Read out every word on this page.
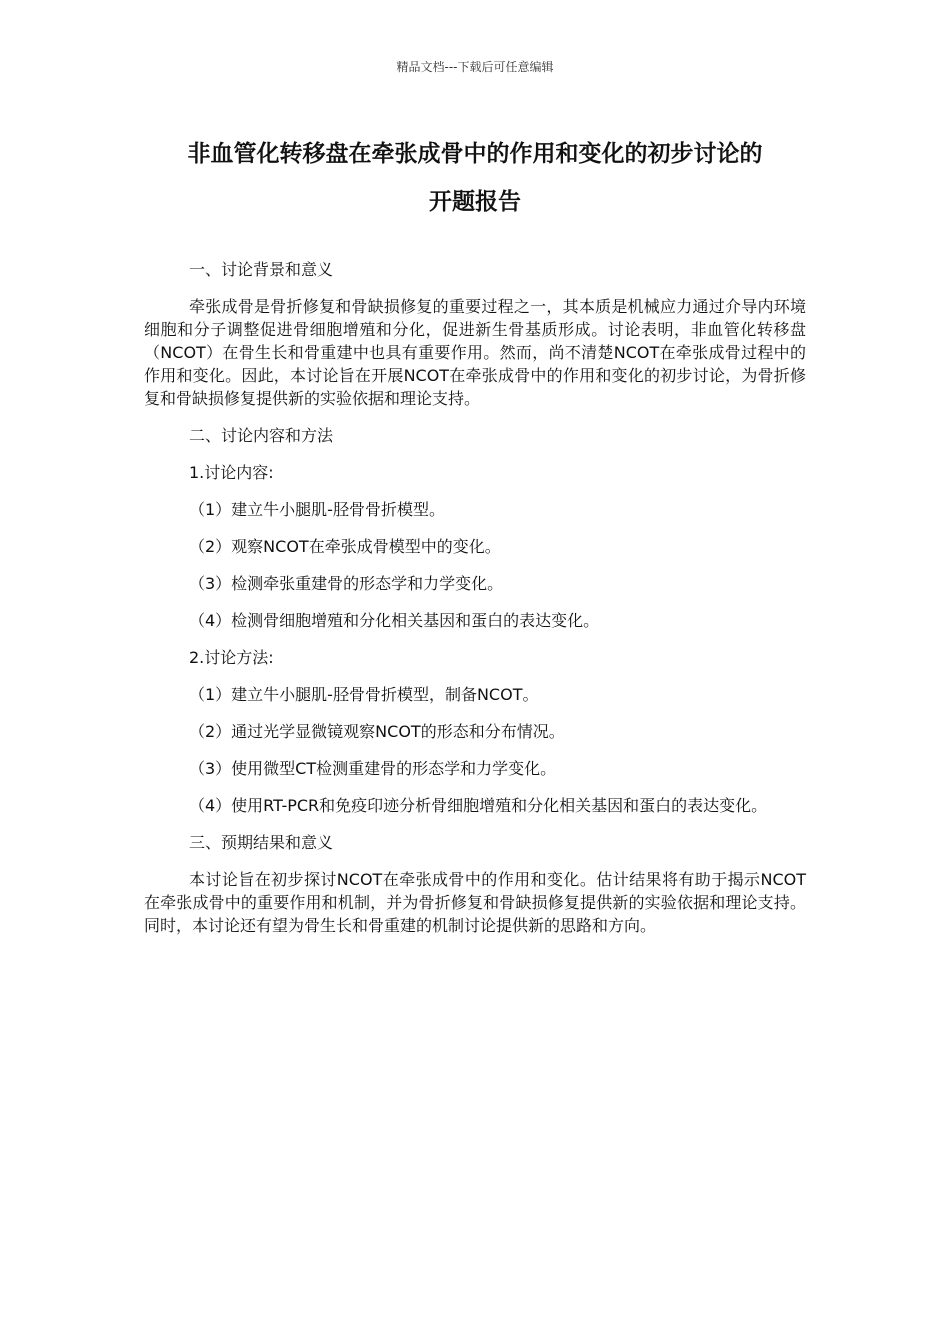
精品文档---下载后可任意编辑
非血管化转移盘在牵张成骨中的作用和变化的初步讨论的
开题报告

一、讨论背景和意义

牵张成骨是骨折修复和骨缺损修复的重要过程之一，其本质是机械应力通过介导内环境细胞和分子调整促进骨细胞增殖和分化，促进新生骨基质形成。讨论表明，非血管化转移盘（NCOT）在骨生长和骨重建中也具有重要作用。然而，尚不清楚NCOT在牵张成骨过程中的作用和变化。因此，本讨论旨在开展NCOT在牵张成骨中的作用和变化的初步讨论，为骨折修复和骨缺损修复提供新的实验依据和理论支持。

二、讨论内容和方法

1.讨论内容:

（1）建立牛小腿肌-胫骨骨折模型。

（2）观察NCOT在牵张成骨模型中的变化。

（3）检测牵张重建骨的形态学和力学变化。

（4）检测骨细胞增殖和分化相关基因和蛋白的表达变化。

2.讨论方法:

（1）建立牛小腿肌-胫骨骨折模型，制备NCOT。

（2）通过光学显微镜观察NCOT的形态和分布情况。

（3）使用微型CT检测重建骨的形态学和力学变化。

（4）使用RT-PCR和免疫印迹分析骨细胞增殖和分化相关基因和蛋白的表达变化。

三、预期结果和意义

本讨论旨在初步探讨NCOT在牵张成骨中的作用和变化。估计结果将有助于揭示NCOT在牵张成骨中的重要作用和机制，并为骨折修复和骨缺损修复提供新的实验依据和理论支持。同时，本讨论还有望为骨生长和骨重建的机制讨论提供新的思路和方向。
